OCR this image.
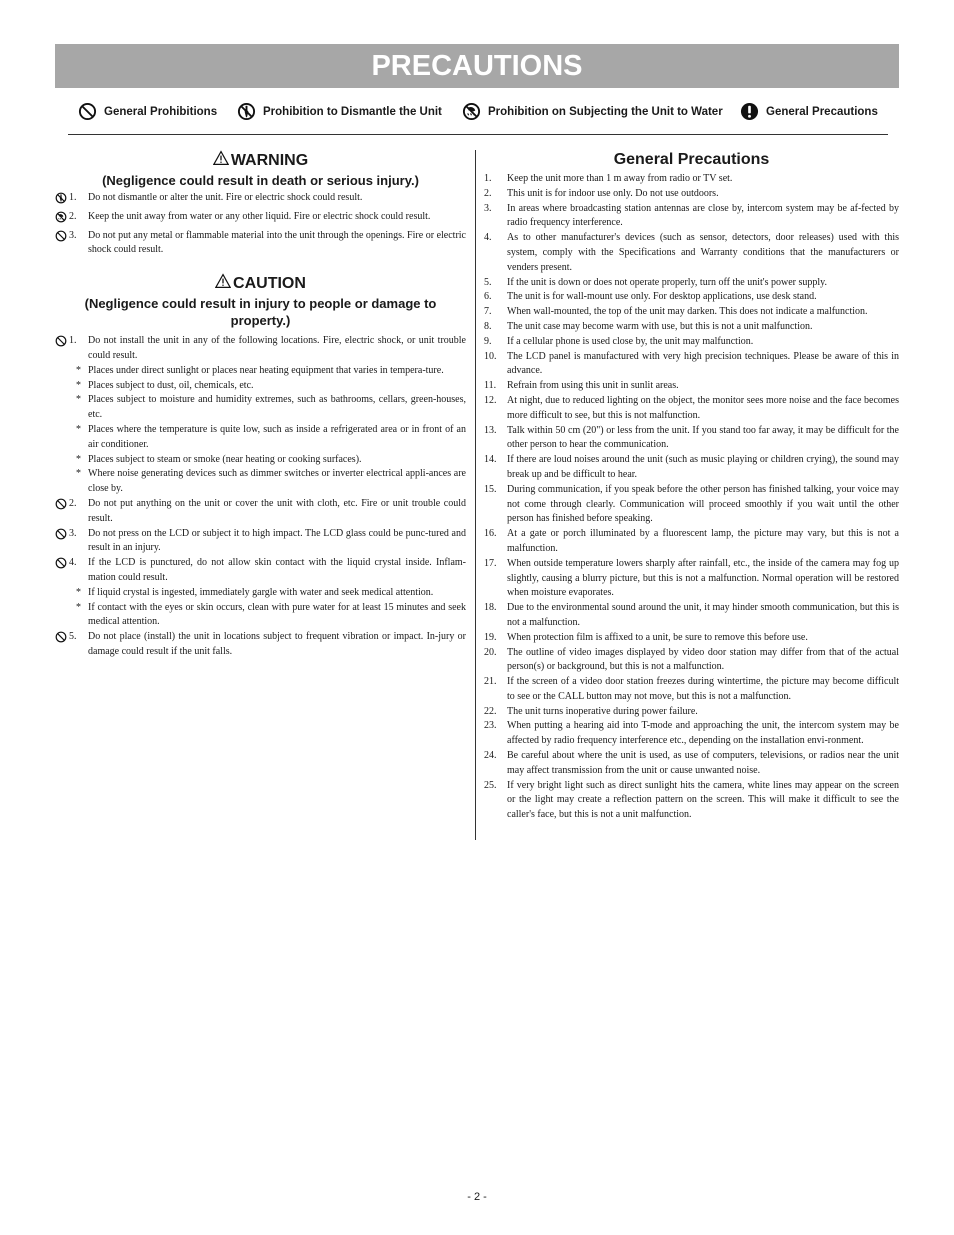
PRECAUTIONS
General Prohibitions	Prohibition to Dismantle the Unit	Prohibition on Subjecting the Unit to Water	General Precautions
WARNING
(Negligence could result in death or serious injury.)
1.	Do not dismantle or alter the unit. Fire or electric shock could result.
2.	Keep the unit away from water or any other liquid. Fire or electric shock could result.
3.	Do not put any metal or flammable material into the unit through the openings. Fire or electric shock could result.
CAUTION
(Negligence could result in injury to people or damage to property.)
1.	Do not install the unit in any of the following locations. Fire, electric shock, or unit trouble could result.
* Places under direct sunlight or places near heating equipment that varies in tempera-ture.
* Places subject to dust, oil, chemicals, etc.
* Places subject to moisture and humidity extremes, such as bathrooms, cellars, green-houses, etc.
* Places where the temperature is quite low, such as inside a refrigerated area or in front of an air conditioner.
* Places subject to steam or smoke (near heating or cooking surfaces).
* Where noise generating devices such as dimmer switches or inverter electrical appli-ances are close by.
2.	Do not put anything on the unit or cover the unit with cloth, etc. Fire or unit trouble could result.
3.	Do not press on the LCD or subject it to high impact. The LCD glass could be punc-tured and result in an injury.
4.	If the LCD is punctured, do not allow skin contact with the liquid crystal inside. Inflam-mation could result.
* If liquid crystal is ingested, immediately gargle with water and seek medical attention.
* If contact with the eyes or skin occurs, clean with pure water for at least 15 minutes and seek medical attention.
5.	Do not place (install) the unit in locations subject to frequent vibration or impact. In-jury or damage could result if the unit falls.
General Precautions
1.	Keep the unit more than 1 m away from radio or TV set.
2.	This unit is for indoor use only. Do not use outdoors.
3.	In areas where broadcasting station antennas are close by, intercom system may be af-fected by radio frequency interference.
4.	As to other manufacturer's devices (such as sensor, detectors, door releases) used with this system, comply with the Specifications and Warranty conditions that the manufacturers or venders present.
5.	If the unit is down or does not operate properly, turn off the unit's power supply.
6.	The unit is for wall-mount use only. For desktop applications, use desk stand.
7.	When wall-mounted, the top of the unit may darken. This does not indicate a malfunction.
8.	The unit case may become warm with use, but this is not a unit malfunction.
9.	If a cellular phone is used close by, the unit may malfunction.
10.	The LCD panel is manufactured with very high precision techniques. Please be aware of this in advance.
11.	Refrain from using this unit in sunlit areas.
12.	At night, due to reduced lighting on the object, the monitor sees more noise and the face becomes more difficult to see, but this is not malfunction.
13.	Talk within 50 cm (20") or less from the unit. If you stand too far away, it may be difficult for the other person to hear the communication.
14.	If there are loud noises around the unit (such as music playing or children crying), the sound may break up and be difficult to hear.
15.	During communication, if you speak before the other person has finished talking, your voice may not come through clearly. Communication will proceed smoothly if you wait until the other person has finished before speaking.
16.	At a gate or porch illuminated by a fluorescent lamp, the picture may vary, but this is not a malfunction.
17.	When outside temperature lowers sharply after rainfall, etc., the inside of the camera may fog up slightly, causing a blurry picture, but this is not a malfunction. Normal operation will be restored when moisture evaporates.
18.	Due to the environmental sound around the unit, it may hinder smooth communication, but this is not a malfunction.
19.	When protection film is affixed to a unit, be sure to remove this before use.
20.	The outline of video images displayed by video door station may differ from that of the actual person(s) or background, but this is not a malfunction.
21.	If the screen of a video door station freezes during wintertime, the picture may become difficult to see or the CALL button may not move, but this is not a malfunction.
22.	The unit turns inoperative during power failure.
23.	When putting a hearing aid into T-mode and approaching the unit, the intercom system may be affected by radio frequency interference etc., depending on the installation envi-ronment.
24.	Be careful about where the unit is used, as use of computers, televisions, or radios near the unit may affect transmission from the unit or cause unwanted noise.
25.	If very bright light such as direct sunlight hits the camera, white lines may appear on the screen or the light may create a reflection pattern on the screen. This will make it difficult to see the caller's face, but this is not a unit malfunction.
- 2 -
